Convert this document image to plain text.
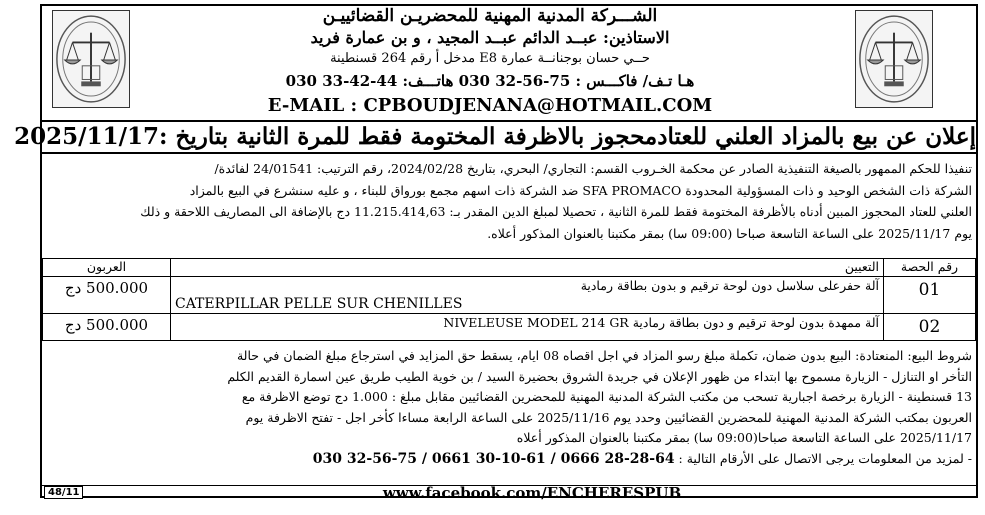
الشـــركة المدنية المهنية للمحضريـن القضائييـن
الاستاذين: عبــد الدائم عبــد المجيد ، و بن عمارة فريد
حــي حسان بوجنانــة عمارة E8 مدخل أ رقم 264 قسنطينة
هـا تـف/ فاكـــس : 75-56-32 030 هاتـــف: 44-42-33 030
E-MAIL : CPBOUDJENANA@HOTMAIL.COM
إعلان عن بيع بالمزاد العلني للعتادمحجوز بالاظرفة المختومة فقط للمرة الثانية بتاريخ :2025/11/17

تنفيذا للحكم الممهور بالصيغة التنفيذية الصادر عن محكمة الخـروب القسم: التجاري/ البحري، بتاريخ 2024/02/28، رقم الترتيب: 24/01541 لفائدة/

الشركة ذات الشخص الوحيد و ذات المسؤولية المحدودة SFA PROMACO ضد الشركة ذات اسهم مجمع بورواق للبناء ، و عليه سنشرع في البيع بالمزاد

العلني للعتاد المحجوز المبين أدناه بالأظرفة المختومة فقط للمرة الثانية ، تحصيلا لمبلغ الدين المقدر بـ: 11.215.414,63 دج بالإضافة الى المصاريف اللاحقة و ذلك

يوم 2025/11/17 على الساعة التاسعة صباحا (09:00 سا) بمقر مكتبنا بالعنوان المذكور أعلاه.

رقم الحصة	التعيين	العربون
01	آلة حفرعلى سلاسل دون لوحة ترقيم و بدون بطاقة رمادية
CATERPILLAR PELLE SUR CHENILLES	500.000 دج
02	آلة ممهدة بدون لوحة ترقيم و دون بطاقة رمادية NIVELEUSE MODEL 214 GR	500.000 دج

شروط البيع: المنعتادة: البيع بدون ضمان، تكملة مبلغ رسو المزاد في اجل اقصاه 08 ايام، يسقط حق المزايد في استرجاع مبلغ الضمان في حالة

التأخر او التنازل - الزيارة مسموح بها ابتداء من ظهور الإعلان في جريدة الشروق بحضيرة السيد / بن خوية الطيب طريق عين اسمارة القديم الكلم

13 قسنطينة - الزيارة برخصة اجبارية تسحب من مكتب الشركة المدنية المهنية للمحضرين القضائيين مقابل مبلغ : 1.000 دج توضع الاظرفة مع

العربون بمكتب الشركة المدنية المهنية للمحضرين القضائيين وحدد يوم 2025/11/16 على الساعة الرابعة مساءا كأخر اجل - تفتح الاظرفة يوم

2025/11/17 على الساعة التاسعة صباحا(09:00 سا) بمقر مكتبنا بالعنوان المذكور أعلاه

- لمزيد من المعلومات يرجى الاتصال على الأرقام التالية : 64-28-28 0666 / 61-10-30 0661 / 75-56-32 030

48/11	www.facebook.com/ENCHERESPUB
